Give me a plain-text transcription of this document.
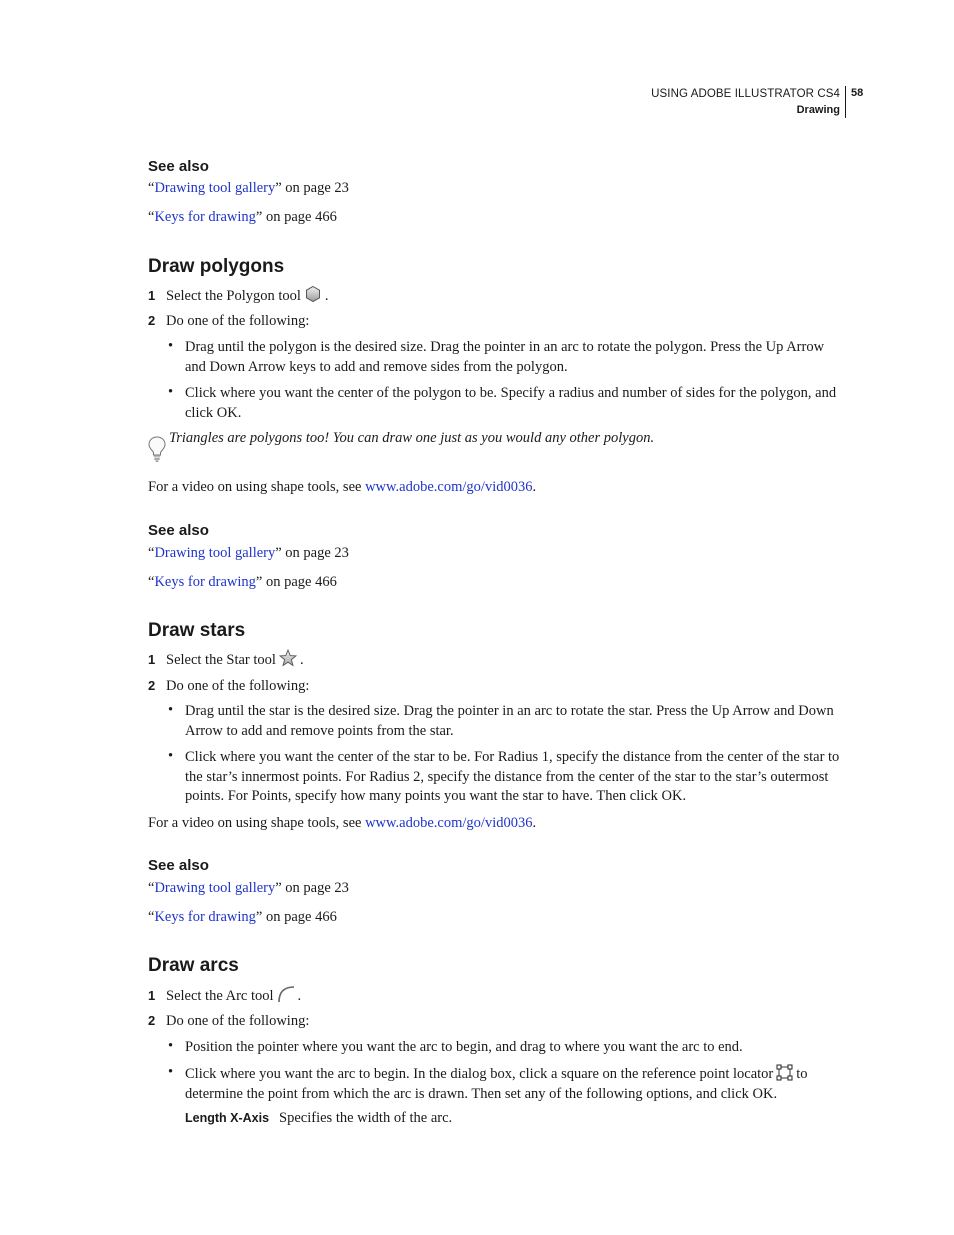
USING ADOBE ILLUSTRATOR CS4
Drawing
58
See also
“Drawing tool gallery” on page 23
“Keys for drawing” on page 466
Draw polygons
1 Select the Polygon tool .
2 Do one of the following:
• Drag until the polygon is the desired size. Drag the pointer in an arc to rotate the polygon. Press the Up Arrow and Down Arrow keys to add and remove sides from the polygon.
• Click where you want the center of the polygon to be. Specify a radius and number of sides for the polygon, and click OK.
Triangles are polygons too! You can draw one just as you would any other polygon.
For a video on using shape tools, see www.adobe.com/go/vid0036.
See also
“Drawing tool gallery” on page 23
“Keys for drawing” on page 466
Draw stars
1 Select the Star tool .
2 Do one of the following:
• Drag until the star is the desired size. Drag the pointer in an arc to rotate the star. Press the Up Arrow and Down Arrow to add and remove points from the star.
• Click where you want the center of the star to be. For Radius 1, specify the distance from the center of the star to the star’s innermost points. For Radius 2, specify the distance from the center of the star to the star’s outermost points. For Points, specify how many points you want the star to have. Then click OK.
For a video on using shape tools, see www.adobe.com/go/vid0036.
See also
“Drawing tool gallery” on page 23
“Keys for drawing” on page 466
Draw arcs
1 Select the Arc tool .
2 Do one of the following:
• Position the pointer where you want the arc to begin, and drag to where you want the arc to end.
• Click where you want the arc to begin. In the dialog box, click a square on the reference point locator to determine the point from which the arc is drawn. Then set any of the following options, and click OK.
Length X-Axis Specifies the width of the arc.
